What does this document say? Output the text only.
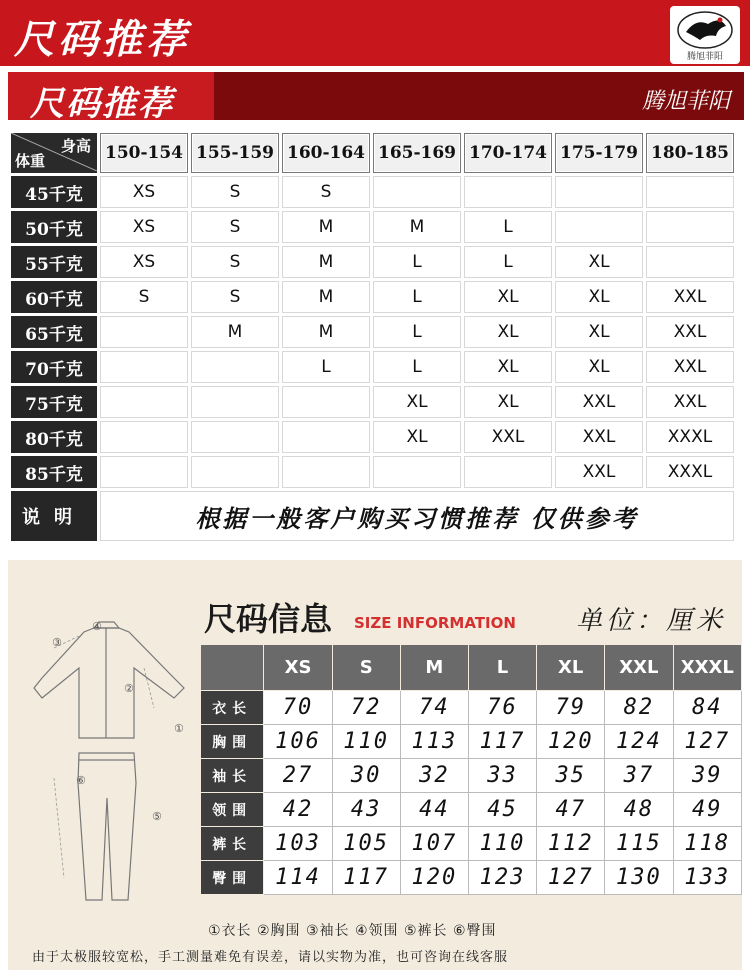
尺码推荐	腾旭菲阳
尺码推荐	腾旭菲阳
身高
体重	150-154	155-159	160-164	165-169	170-174	175-179	180-185
45千克	XS	S	S				
50千克	XS	S	M	M	L		
55千克	XS	S	M	L	L	XL	
60千克	S	S	M	L	XL	XL	XXL
65千克		M	M	L	XL	XL	XXL
70千克			L	L	XL	XL	XXL
75千克				XL	XL	XXL	XXL
80千克				XL	XXL	XXL	XXXL
85千克						XXL	XXXL
说明	根据一般客户购买习惯推荐 仅供参考						
③
④
②
①
⑥
⑤
尺码信息 SIZE INFORMATION 单位：厘米
	XS	S	M	L	XL	XXL	XXXL
衣长	70	72	74	76	79	82	84
胸围	106	110	113	117	120	124	127
袖长	27	30	32	33	35	37	39
领围	42	43	44	45	47	48	49
裤长	103	105	107	110	112	115	118
臀围	114	117	120	123	127	130	133
①衣长 ②胸围 ③袖长 ④领围 ⑤裤长 ⑥臀围
由于太极服较宽松，手工测量难免有误差，请以实物为准，也可咨询在线客服
